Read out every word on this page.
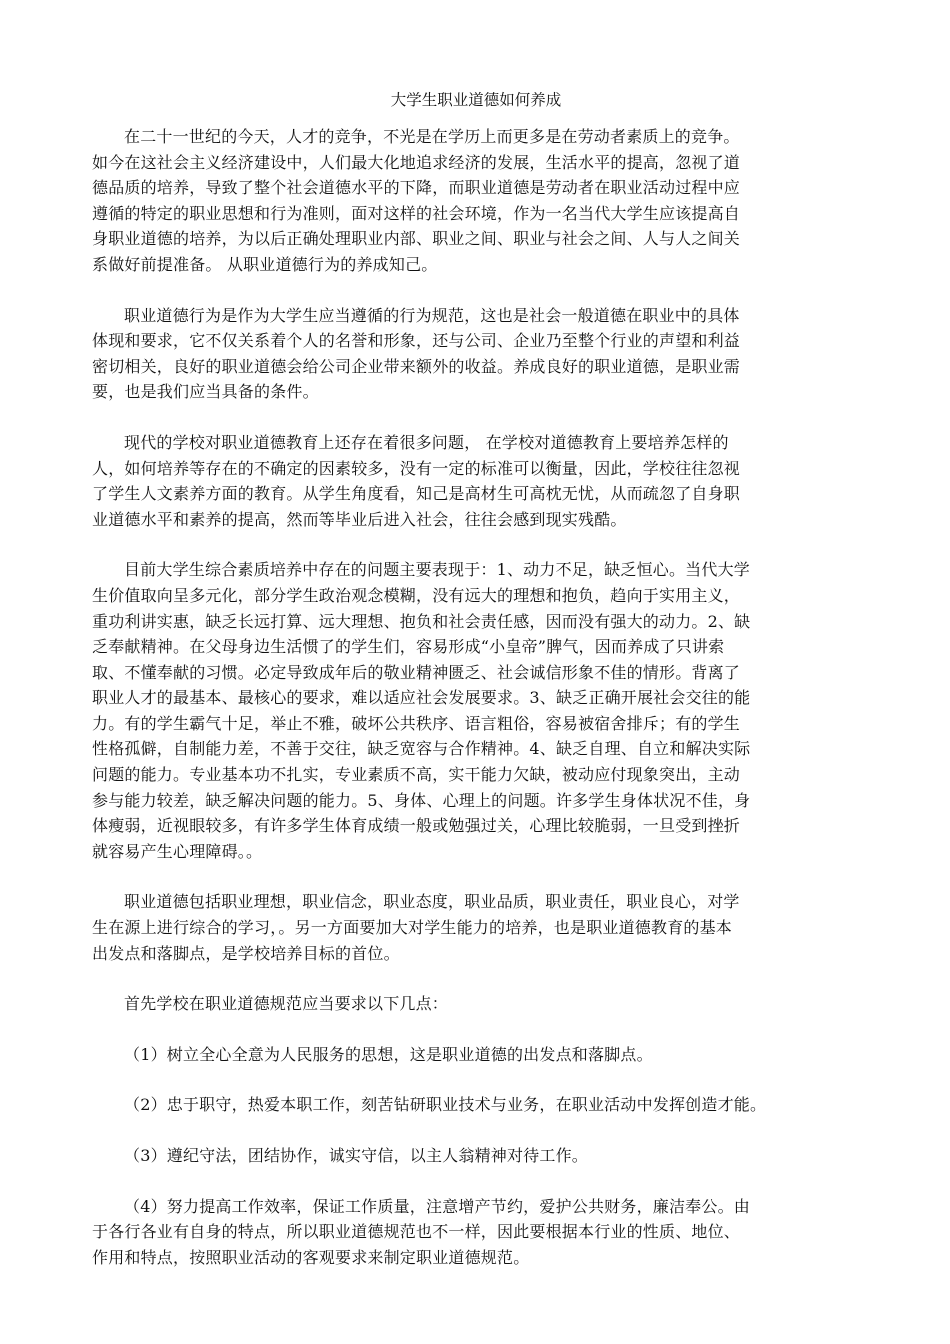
大学生职业道德如何养成
在二十一世纪的今天，人才的竞争，不光是在学历上而更多是在劳动者素质上的竞争。
如今在这社会主义经济建设中，人们最大化地追求经济的发展，生活水平的提高，忽视了道
德品质的培养，导致了整个社会道德水平的下降，而职业道德是劳动者在职业活动过程中应
遵循的特定的职业思想和行为准则，面对这样的社会环境，作为一名当代大学生应该提高自
身职业道德的培养，为以后正确处理职业内部、职业之间、职业与社会之间、人与人之间关
系做好前提准备。 从职业道德行为的养成知己。
职业道德行为是作为大学生应当遵循的行为规范，这也是社会一般道德在职业中的具体
体现和要求，它不仅关系着个人的名誉和形象，还与公司、企业乃至整个行业的声望和利益
密切相关，良好的职业道德会给公司企业带来额外的收益。养成良好的职业道德，是职业需
要，也是我们应当具备的条件。
现代的学校对职业道德教育上还存在着很多问题， 在学校对道德教育上要培养怎样的
人，如何培养等存在的不确定的因素较多，没有一定的标准可以衡量，因此，学校往往忽视
了学生人文素养方面的教育。从学生角度看，知己是高材生可高枕无忧，从而疏忽了自身职
业道德水平和素养的提高，然而等毕业后进入社会，往往会感到现实残酷。
目前大学生综合素质培养中存在的问题主要表现于：1、动力不足，缺乏恒心。当代大学
生价值取向呈多元化，部分学生政治观念模糊，没有远大的理想和抱负，趋向于实用主义，
重功利讲实惠，缺乏长远打算、远大理想、抱负和社会责任感，因而没有强大的动力。2、缺
乏奉献精神。在父母身边生活惯了的学生们，容易形成“小皇帝”脾气，因而养成了只讲索
取、不懂奉献的习惯。必定导致成年后的敬业精神匮乏、社会诚信形象不佳的情形。背离了
职业人才的最基本、最核心的要求，难以适应社会发展要求。3、缺乏正确开展社会交往的能
力。有的学生霸气十足，举止不雅，破坏公共秩序、语言粗俗，容易被宿舍排斥；有的学生
性格孤僻，自制能力差，不善于交往，缺乏宽容与合作精神。4、缺乏自理、自立和解决实际
问题的能力。专业基本功不扎实，专业素质不高，实干能力欠缺，被动应付现象突出，主动
参与能力较差，缺乏解决问题的能力。5、身体、心理上的问题。许多学生身体状况不佳，身
体瘦弱，近视眼较多，有许多学生体育成绩一般或勉强过关，心理比较脆弱，一旦受到挫折
就容易产生心理障碍。。
职业道德包括职业理想，职业信念，职业态度，职业品质，职业责任，职业良心，对学
生在源上进行综合的学习，。另一方面要加大对学生能力的培养，也是职业道德教育的基本
出发点和落脚点，是学校培养目标的首位。
首先学校在职业道德规范应当要求以下几点：
（1）树立全心全意为人民服务的思想，这是职业道德的出发点和落脚点。
（2）忠于职守，热爱本职工作，刻苦钻研职业技术与业务，在职业活动中发挥创造才能。
（3）遵纪守法，团结协作，诚实守信，以主人翁精神对待工作。
（4）努力提高工作效率，保证工作质量，注意增产节约，爱护公共财务，廉洁奉公。由
于各行各业有自身的特点，所以职业道德规范也不一样，因此要根据本行业的性质、地位、
作用和特点，按照职业活动的客观要求来制定职业道德规范。
